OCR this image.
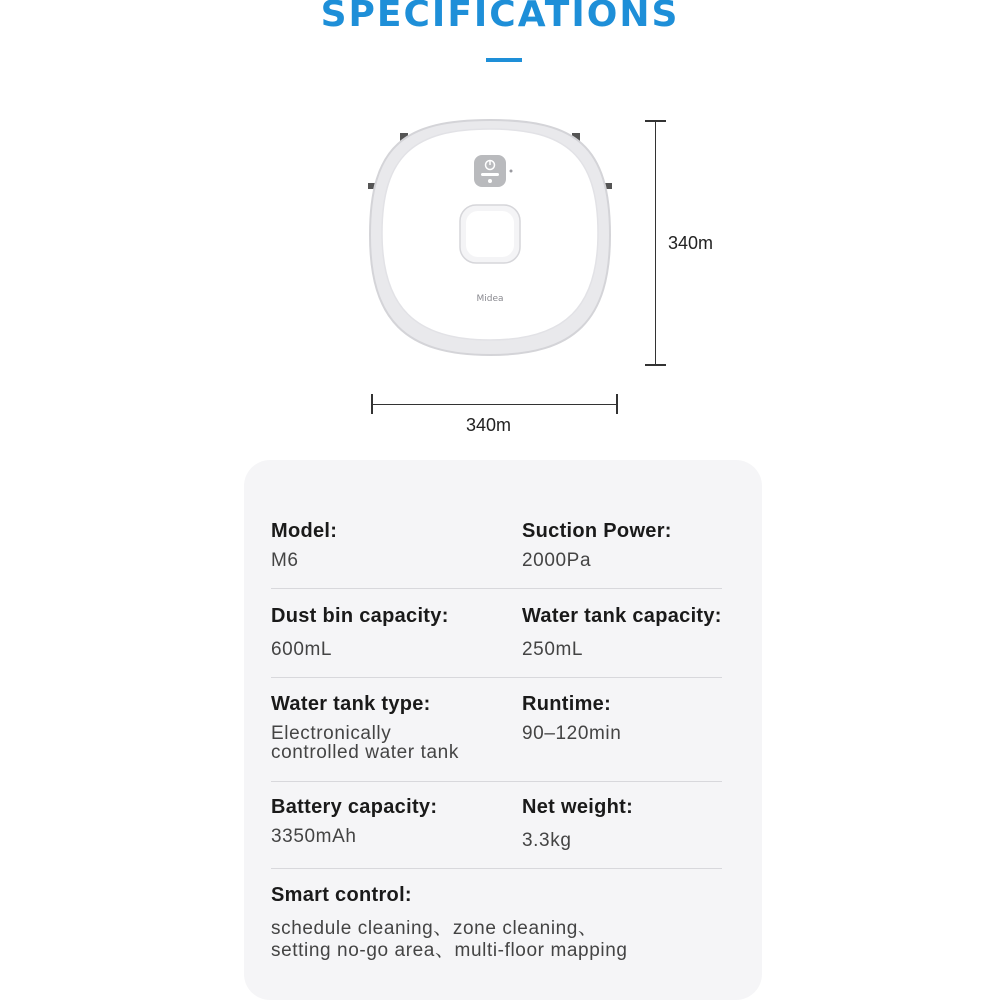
SPECIFICATIONS
Midea
340m
340m
Model:
M6
Suction Power:
2000Pa
Dust bin capacity:
600mL
Water tank capacity:
250mL
Water tank type:
Electronically
controlled water tank
Runtime:
90–120min
Battery capacity:
3350mAh
Net weight:
3.3kg
Smart control:
schedule cleaning、zone cleaning、
setting no-go area、multi-floor mapping
